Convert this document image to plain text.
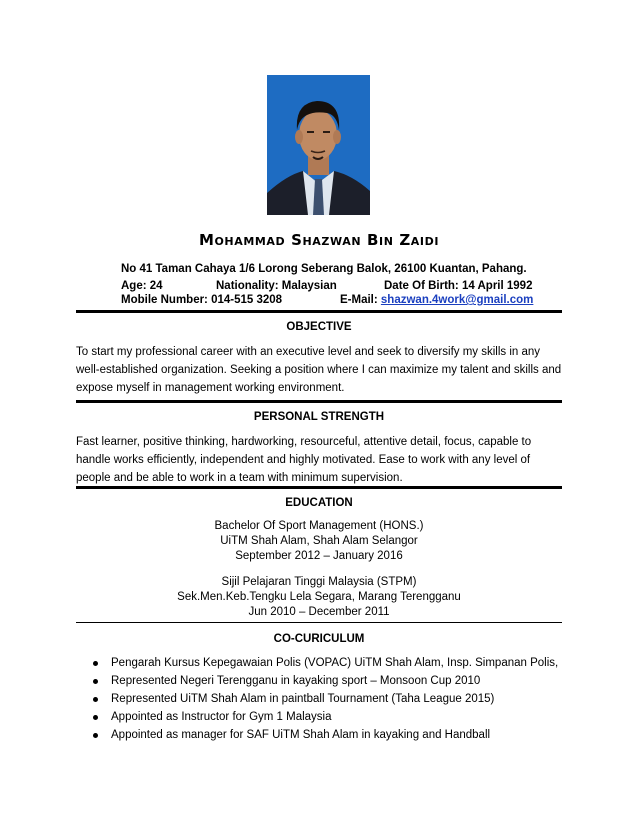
Mohammad Shazwan Bin Zaidi
No 41 Taman Cahaya 1/6 Lorong Seberang Balok, 26100 Kuantan, Pahang.
Age: 24	Nationality: Malaysian	Date Of Birth: 14 April 1992
Mobile Number: 014-515 3208	E-Mail: shazwan.4work@gmail.com
OBJECTIVE
To start my professional career with an executive level and seek to diversify my skills in any
well-established organization. Seeking a position where I can maximize my talent and skills and
expose myself in management working environment.
PERSONAL STRENGTH
Fast learner, positive thinking, hardworking, resourceful, attentive detail, focus, capable to
handle works efficiently, independent and highly motivated. Ease to work with any level of
people and be able to work in a team with minimum supervision.
EDUCATION
Bachelor Of Sport Management (HONS.)
UiTM Shah Alam, Shah Alam Selangor
September 2012 – January 2016
Sijil Pelajaran Tinggi Malaysia (STPM)
Sek.Men.Keb.Tengku Lela Segara, Marang Terengganu
Jun 2010 – December 2011
CO-CURICULUM
Pengarah Kursus Kepegawaian Polis (VOPAC) UiTM Shah Alam, Insp. Simpanan Polis,
Represented Negeri Terengganu in kayaking sport – Monsoon Cup 2010
Represented UiTM Shah Alam in paintball Tournament (Taha League 2015)
Appointed as Instructor for Gym 1 Malaysia
Appointed as manager for SAF UiTM Shah Alam in kayaking and Handball
